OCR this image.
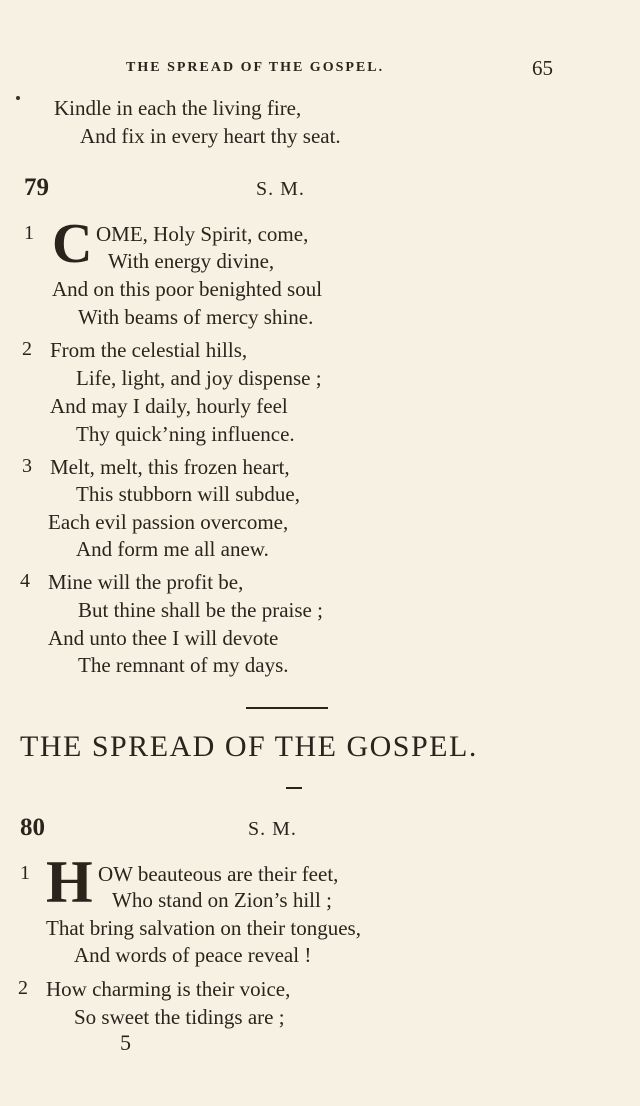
THE SPREAD OF THE GOSPEL.	65
Kindle in each the living fire,
And fix in every heart thy seat.
79	S. M.
1 C OME, Holy Spirit, come,
With energy divine,
And on this poor benighted soul
With beams of mercy shine.
2 From the celestial hills,
Life, light, and joy dispense ;
And may I daily, hourly feel
Thy quick’ning influence.
3 Melt, melt, this frozen heart,
This stubborn will subdue,
Each evil passion overcome,
And form me all anew.
4 Mine will the profit be,
But thine shall be the praise ;
And unto thee I will devote
The remnant of my days.
THE SPREAD OF THE GOSPEL.
80	S. M.
1 H OW beauteous are their feet,
Who stand on Zion’s hill ;
That bring salvation on their tongues,
And words of peace reveal !
2 How charming is their voice,
So sweet the tidings are ;
5
